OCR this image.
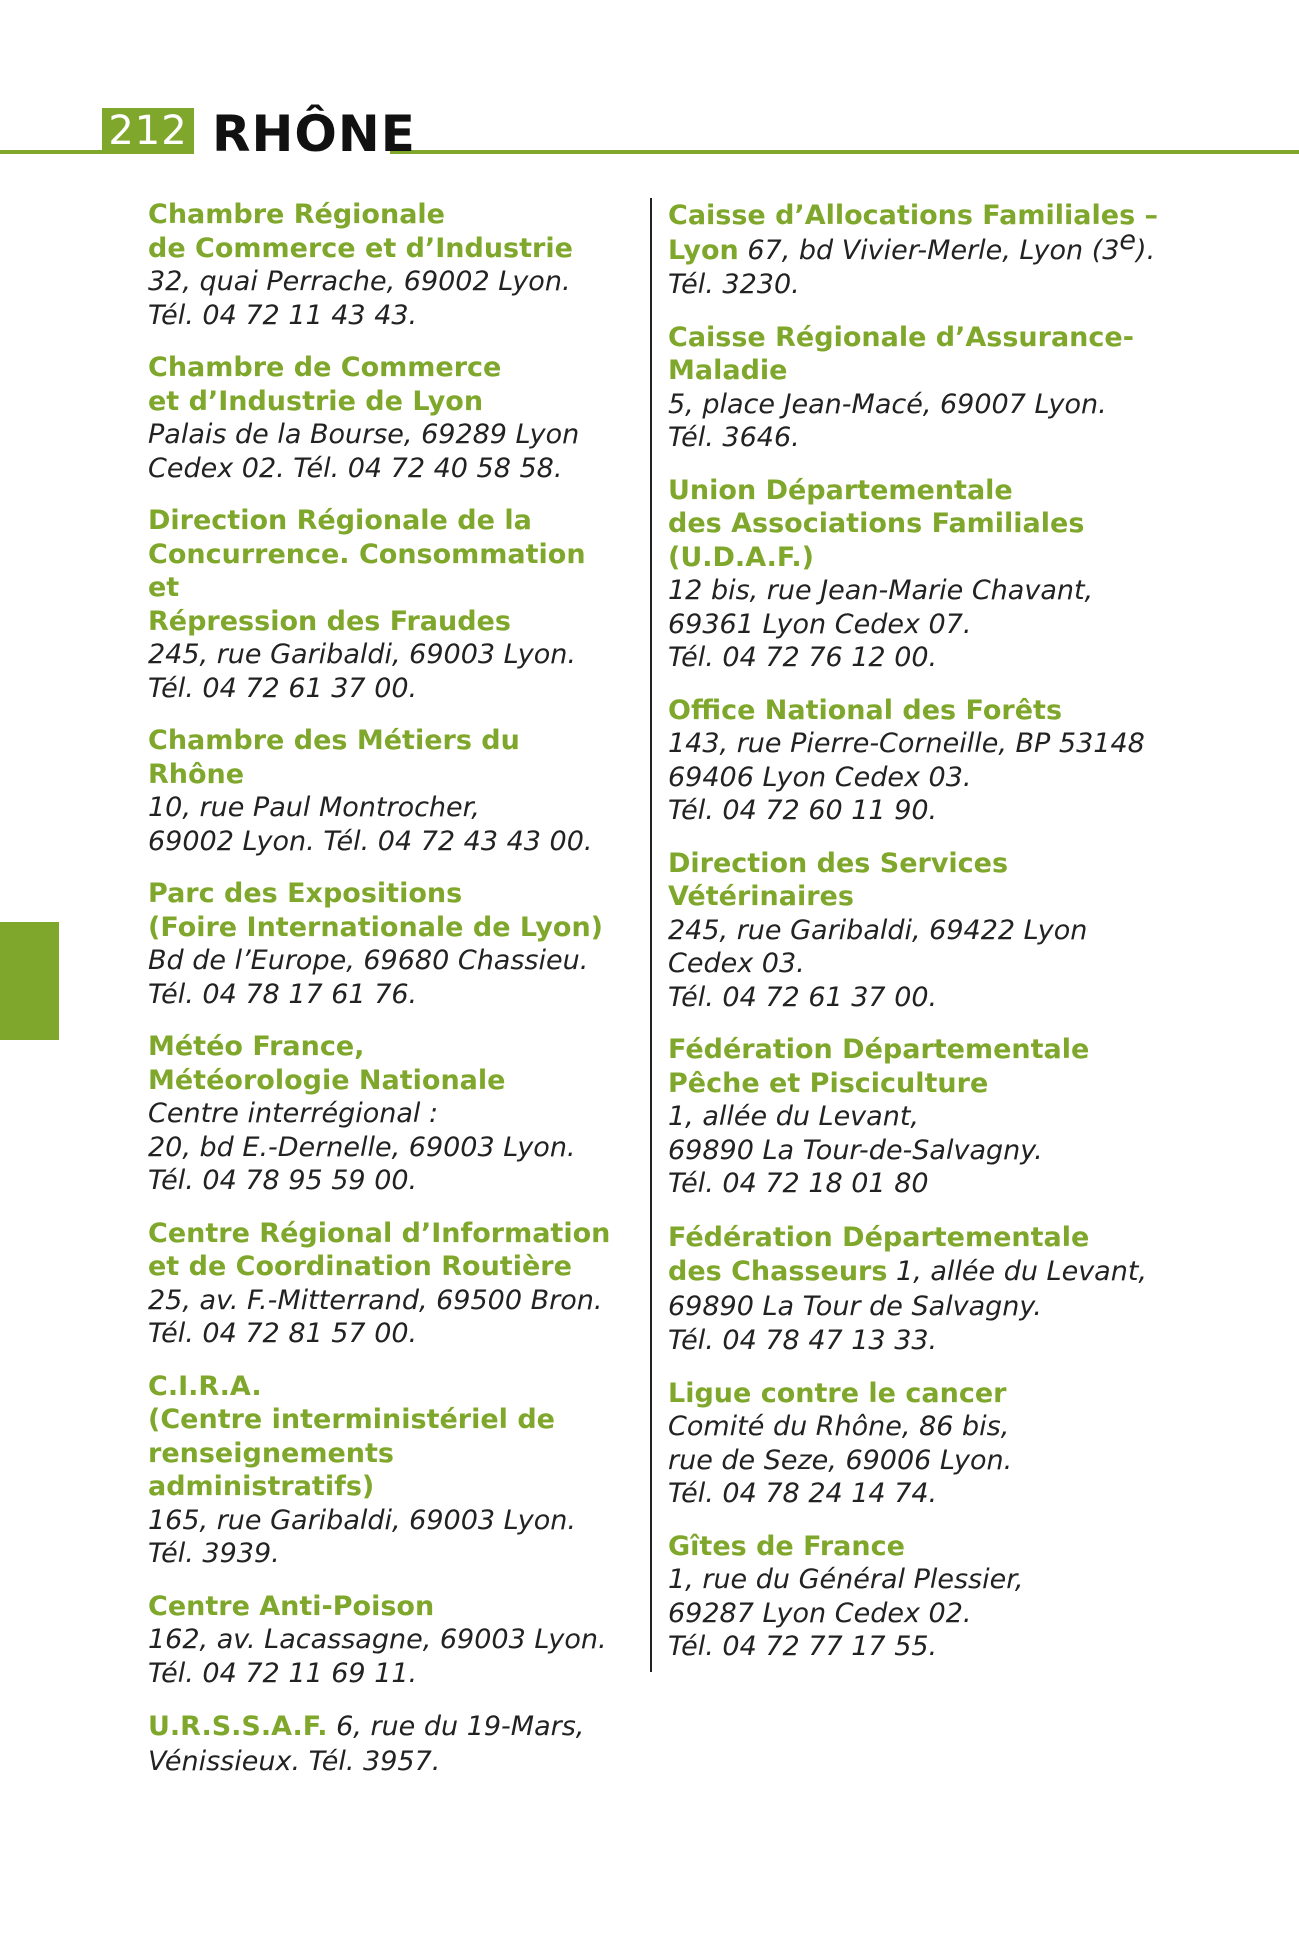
212 RHÔNE
Chambre Régionale
de Commerce et d’Industrie
32, quai Perrache, 69002 Lyon.
Tél. 04 72 11 43 43.
Chambre de Commerce
et d’Industrie de Lyon
Palais de la Bourse, 69289 Lyon
Cedex 02. Tél. 04 72 40 58 58.
Direction Régionale de la
Concurrence. Consommation et
Répression des Fraudes
245, rue Garibaldi, 69003 Lyon.
Tél. 04 72 61 37 00.
Chambre des Métiers du Rhône
10, rue Paul Montrocher,
69002 Lyon. Tél. 04 72 43 43 00.
Parc des Expositions
(Foire Internationale de Lyon)
Bd de l’Europe, 69680 Chassieu.
Tél. 04 78 17 61 76.
Météo France,
Météorologie Nationale
Centre interrégional :
20, bd E.-Dernelle, 69003 Lyon.
Tél. 04 78 95 59 00.
Centre Régional d’Information
et de Coordination Routière
25, av. F.-Mitterrand, 69500 Bron.
Tél. 04 72 81 57 00.
C.I.R.A.
(Centre interministériel de
renseignements administratifs)
165, rue Garibaldi, 69003 Lyon.
Tél. 3939.
Centre Anti-Poison
162, av. Lacassagne, 69003 Lyon.
Tél. 04 72 11 69 11.
U.R.S.S.A.F. 6, rue du 19-Mars,
Vénissieux. Tél. 3957.
Caisse d’Allocations Familiales –
Lyon 67, bd Vivier-Merle, Lyon (3e).
Tél. 3230.
Caisse Régionale d’Assurance-
Maladie
5, place Jean-Macé, 69007 Lyon.
Tél. 3646.
Union Départementale
des Associations Familiales
(U.D.A.F.)
12 bis, rue Jean-Marie Chavant,
69361 Lyon Cedex 07.
Tél. 04 72 76 12 00.
Office National des Forêts
143, rue Pierre-Corneille, BP 53148
69406 Lyon Cedex 03.
Tél. 04 72 60 11 90.
Direction des Services
Vétérinaires
245, rue Garibaldi, 69422 Lyon
Cedex 03.
Tél. 04 72 61 37 00.
Fédération Départementale
Pêche et Pisciculture
1, allée du Levant,
69890 La Tour-de-Salvagny.
Tél. 04 72 18 01 80
Fédération Départementale
des Chasseurs 1, allée du Levant,
69890 La Tour de Salvagny.
Tél. 04 78 47 13 33.
Ligue contre le cancer
Comité du Rhône, 86 bis,
rue de Seze, 69006 Lyon.
Tél. 04 78 24 14 74.
Gîtes de France
1, rue du Général Plessier,
69287 Lyon Cedex 02.
Tél. 04 72 77 17 55.
